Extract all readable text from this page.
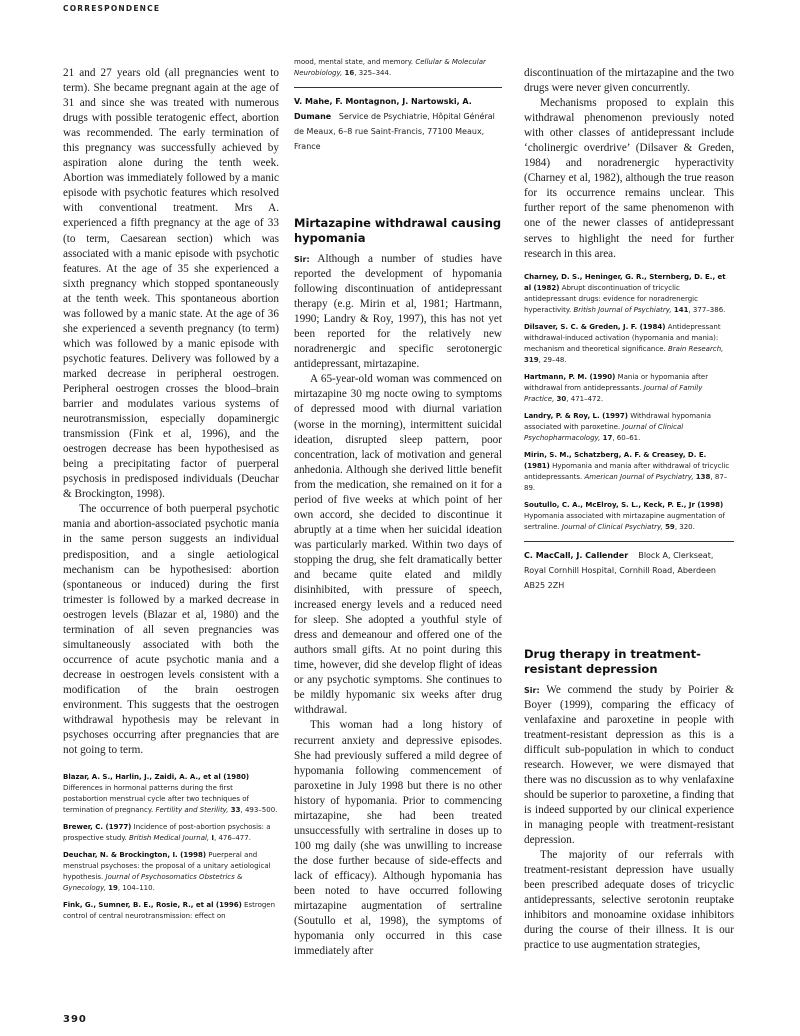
CORRESPONDENCE

21 and 27 years old (all pregnancies went to term). She became pregnant again at the age of 31 and since she was treated with numerous drugs with possible teratogenic effect, abortion was recommended. The early termination of this pregnancy was successfully achieved by aspiration alone during the tenth week. Abortion was immediately followed by a manic episode with psychotic features which resolved with conventional treatment. Mrs A. experienced a fifth pregnancy at the age of 33 (to term, Caesarean section) which was associated with a manic episode with psychotic features. At the age of 35 she experienced a sixth pregnancy which stopped spontaneously at the tenth week. This spontaneous abortion was followed by a manic state. At the age of 36 she experienced a seventh pregnancy (to term) which was followed by a manic episode with psychotic features. Delivery was followed by a marked decrease in peripheral oestrogen. Peripheral oestrogen crosses the blood–brain barrier and modulates various systems of neurotransmission, especially dopaminergic transmission (Fink et al, 1996), and the oestrogen decrease has been hypothesised as being a precipitating factor of puerperal psychosis in predisposed individuals (Deuchar & Brockington, 1998).

The occurrence of both puerperal psychotic mania and abortion-associated psychotic mania in the same person suggests an individual predisposition, and a single aetiological mechanism can be hypothesised: abortion (spontaneous or induced) during the first trimester is followed by a marked decrease in oestrogen levels (Blazar et al, 1980) and the termination of all seven pregnancies was simultaneously associated with both the occurrence of acute psychotic mania and a decrease in oestrogen levels consistent with a modification of the brain oestrogen environment. This suggests that the oestrogen withdrawal hypothesis may be relevant in psychoses occurring after pregnancies that are not going to term.

Blazar, A. S., Harlin, J., Zaidi, A. A., et al (1980) Differences in hormonal patterns during the first postabortion menstrual cycle after two techniques of termination of pregnancy. Fertility and Sterility, 33, 493–500.

Brewer, C. (1977) Incidence of post-abortion psychosis: a prospective study. British Medical Journal, I, 476–477.

Deuchar, N. & Brockington, I. (1998) Puerperal and menstrual psychoses: the proposal of a unitary aetiological hypothesis. Journal of Psychosomatics Obstetrics & Gynecology, 19, 104–110.

Fink, G., Sumner, B. E., Rosie, R., et al (1996) Estrogen control of central neurotransmission: effect on

mood, mental state, and memory. Cellular & Molecular Neurobiology, 16, 325–344.

V. Mahe, F. Montagnon, J. Nartowski, A. Dumane Service de Psychiatrie, Hôpital Général de Meaux, 6–8 rue Saint-Francis, 77100 Meaux, France
Mirtazapine withdrawal causing hypomania

Sir: Although a number of studies have reported the development of hypomania following discontinuation of antidepressant therapy (e.g. Mirin et al, 1981; Hartmann, 1990; Landry & Roy, 1997), this has not yet been reported for the relatively new noradrenergic and specific serotonergic antidepressant, mirtazapine.

A 65-year-old woman was commenced on mirtazapine 30 mg nocte owing to symptoms of depressed mood with diurnal variation (worse in the morning), intermittent suicidal ideation, disrupted sleep pattern, poor concentration, lack of motivation and general anhedonia. Although she derived little benefit from the medication, she remained on it for a period of five weeks at which point of her own accord, she decided to discontinue it abruptly at a time when her suicidal ideation was particularly marked. Within two days of stopping the drug, she felt dramatically better and became quite elated and mildly disinhibited, with pressure of speech, increased energy levels and a reduced need for sleep. She adopted a youthful style of dress and demeanour and offered one of the authors small gifts. At no point during this time, however, did she develop flight of ideas or any psychotic symptoms. She continues to be mildly hypomanic six weeks after drug withdrawal.

This woman had a long history of recurrent anxiety and depressive episodes. She had previously suffered a mild degree of hypomania following commencement of paroxetine in July 1998 but there is no other history of hypomania. Prior to commencing mirtazapine, she had been treated unsuccessfully with sertraline in doses up to 100 mg daily (she was unwilling to increase the dose further because of side-effects and lack of efficacy). Although hypomania has been noted to have occurred following mirtazapine augmentation of sertraline (Soutullo et al, 1998), the symptoms of hypomania only occurred in this case immediately after

discontinuation of the mirtazapine and the two drugs were never given concurrently.

Mechanisms proposed to explain this withdrawal phenomenon previously noted with other classes of antidepressant include ‘cholinergic overdrive’ (Dilsaver & Greden, 1984) and noradrenergic hyperactivity (Charney et al, 1982), although the true reason for its occurrence remains unclear. This further report of the same phenomenon with one of the newer classes of antidepressant serves to highlight the need for further research in this area.

Charney, D. S., Heninger, G. R., Sternberg, D. E., et al (1982) Abrupt discontinuation of tricyclic antidepressant drugs: evidence for noradrenergic hyperactivity. British Journal of Psychiatry, 141, 377–386.

Dilsaver, S. C. & Greden, J. F. (1984) Antidepressant withdrawal-induced activation (hypomania and mania): mechanism and theoretical significance. Brain Research, 319, 29–48.

Hartmann, P. M. (1990) Mania or hypomania after withdrawal from antidepressants. Journal of Family Practice, 30, 471–472.

Landry, P. & Roy, L. (1997) Withdrawal hypomania associated with paroxetine. Journal of Clinical Psychopharmacology, 17, 60–61.

Mirin, S. M., Schatzberg, A. F. & Creasey, D. E. (1981) Hypomania and mania after withdrawal of tricyclic antidepressants. American Journal of Psychiatry, 138, 87–89.

Soutullo, C. A., McElroy, S. L., Keck, P. E., Jr (1998) Hypomania associated with mirtazapine augmentation of sertraline. Journal of Clinical Psychiatry, 59, 320.

C. MacCall, J. Callender Block A, Clerkseat, Royal Cornhill Hospital, Cornhill Road, Aberdeen AB25 2ZH
Drug therapy in treatment-resistant depression

Sir: We commend the study by Poirier & Boyer (1999), comparing the efficacy of venlafaxine and paroxetine in people with treatment-resistant depression as this is a difficult sub-population in which to conduct research. However, we were dismayed that there was no discussion as to why venlafaxine should be superior to paroxetine, a finding that is indeed supported by our clinical experience in managing people with treatment-resistant depression.

The majority of our referrals with treatment-resistant depression have usually been prescribed adequate doses of tricyclic antidepressants, selective serotonin reuptake inhibitors and monoamine oxidase inhibitors during the course of their illness. It is our practice to use augmentation strategies,

390
